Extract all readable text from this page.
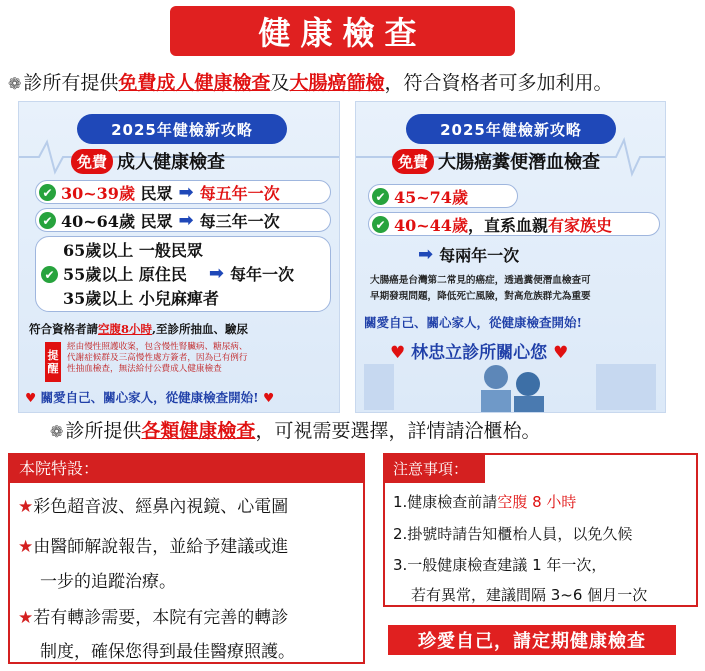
健康檢查
❁ 診所有提供免費成人健康檢查及大腸癌篩檢，符合資格者可多加利用。
2025年健檢新攻略
免費 成人健康檢查
✔ 30~39歲
民眾 ➡ 每五年一次
✔ 40~64歲
民眾 ➡ 每三年一次
✔
65歲以上 一般民眾
55歲以上 原住民 ➡ 每年一次
35歲以上 小兒麻痺者
符合資格者請空腹8小時,至診所抽血、驗尿
提
醒
經由慢性照護收案，包含慢性腎臟病、糖尿病、
代謝症候群及三高慢性處方簽者，因為已有例行
性抽血檢查，無法給付公費成人健康檢查
♥ 關愛自己、關心家人，從健康檢查開始! ♥
2025年健檢新攻略
免費 大腸癌糞便潛血檢查
✔ 45~74歲
✔ 40~44歲 ，直系血親 有家族史
➡ 每兩年一次
大腸癌是台灣第二常見的癌症，透過糞便潛血檢查可
早期發現問題，降低死亡風險，對高危族群尤為重要
關愛自己、關心家人，從健康檢查開始!
♥ 林忠立診所關心您 ♥
❁ 診所提供各類健康檢查，可視需要選擇，詳情請洽櫃枱。
本院特設：
★彩色超音波、經鼻內視鏡、心電圖
★由醫師解說報告，並給予建議或進
一步的追蹤治療。
★若有轉診需要，本院有完善的轉診
制度，確保您得到最佳醫療照護。
注意事項：
1.健康檢查前請空腹 8 小時
2.掛號時請告知櫃枱人員，以免久候
3.一般健康檢查建議 1 年一次，
若有異常，建議間隔 3~6 個月一次
珍愛自己，請定期健康檢查
